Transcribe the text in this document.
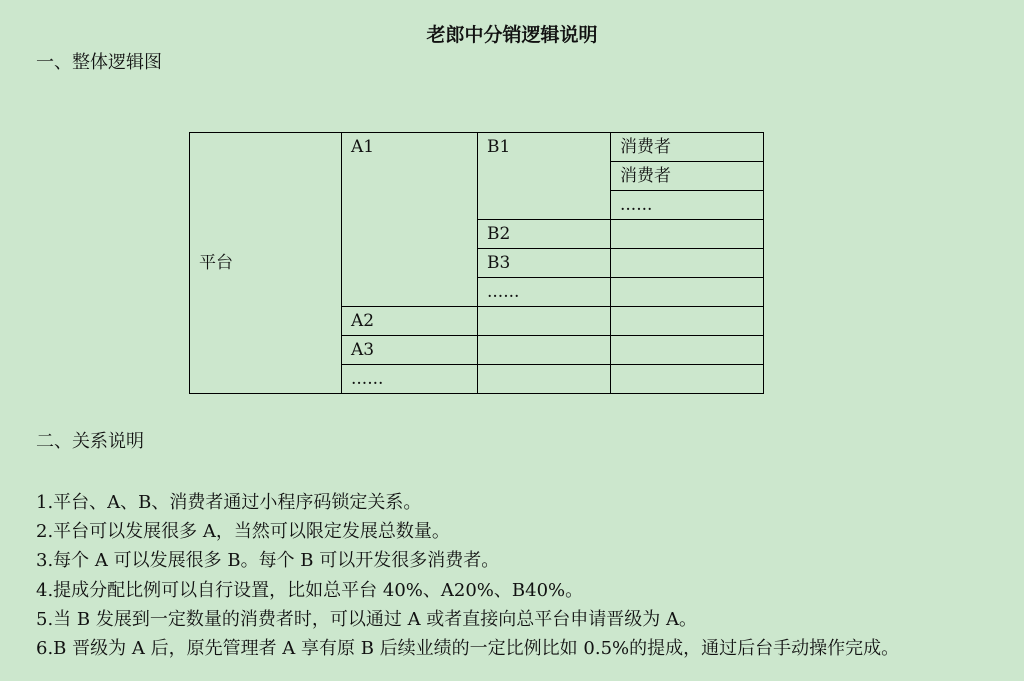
老郎中分销逻辑说明
一、整体逻辑图
平台	A1	B1	消费者
			消费者
			......
		B2	
		B3	
		......	
	A2		
	A3		
	......		
二、关系说明
1.平台、A、B、消费者通过小程序码锁定关系。
2.平台可以发展很多 A，当然可以限定发展总数量。
3.每个 A 可以发展很多 B。每个 B 可以开发很多消费者。
4.提成分配比例可以自行设置，比如总平台 40%、A20%、B40%。
5.当 B 发展到一定数量的消费者时，可以通过 A 或者直接向总平台申请晋级为 A。
6.B 晋级为 A 后，原先管理者 A 享有原 B 后续业绩的一定比例比如 0.5%的提成，通过后台手动操作完成。
